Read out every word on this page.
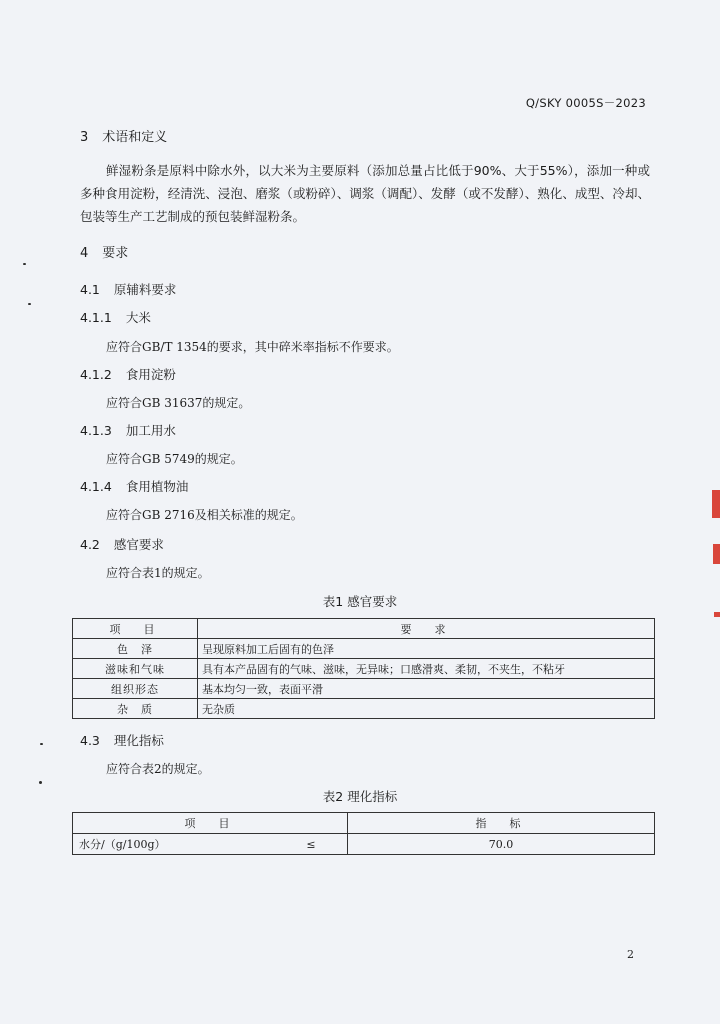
Q/SKY 0005S－2023
3 术语和定义
鲜湿粉条是原料中除水外，以大米为主要原料（添加总量占比低于90%、大于55%），添加一种或多种食用淀粉，经清洗、浸泡、磨浆（或粉碎）、调浆（调配）、发酵（或不发酵）、熟化、成型、冷却、包装等生产工艺制成的预包装鲜湿粉条。
4 要求
4.1 原辅料要求
4.1.1 大米
应符合GB/T 1354的要求，其中碎米率指标不作要求。
4.1.2 食用淀粉
应符合GB 31637的规定。
4.1.3 加工用水
应符合GB 5749的规定。
4.1.4 食用植物油
应符合GB 2716及相关标准的规定。
4.2 感官要求
应符合表1的规定。
表1 感官要求
项　目	要　求
色　泽	呈现原料加工后固有的色泽
滋味和气味	具有本产品固有的气味、滋味，无异味；口感滑爽、柔韧，不夹生，不粘牙
组织形态	基本均匀一致，表面平滑
杂　质	无杂质
4.3 理化指标
应符合表2的规定。
表2 理化指标
项　目		指　标
水分/（g/100g）	≤	70.0
2
